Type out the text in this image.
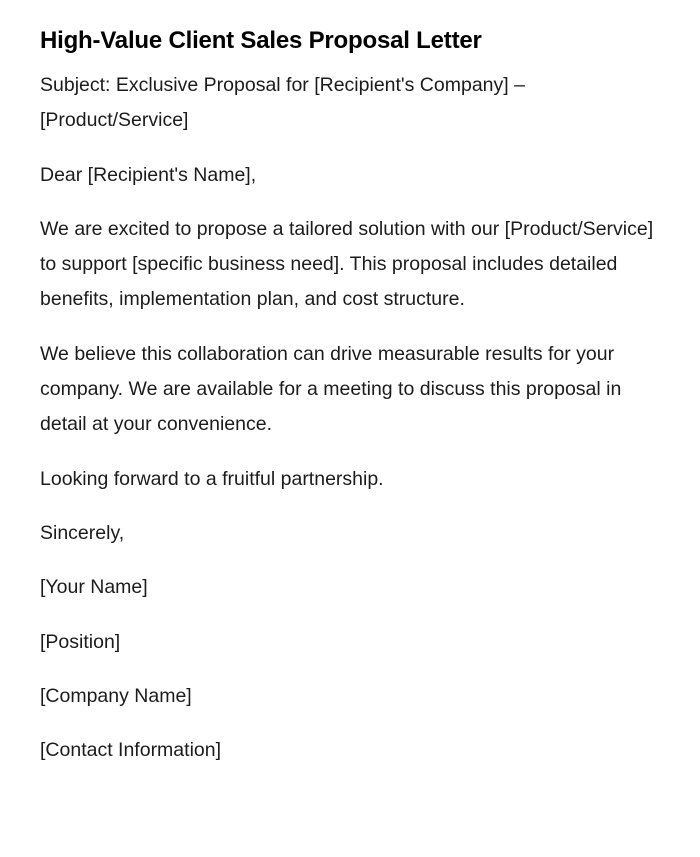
High-Value Client Sales Proposal Letter

Subject: Exclusive Proposal for [Recipient's Company] – [Product/Service]

Dear [Recipient's Name],

We are excited to propose a tailored solution with our [Product/Service] to support [specific business need]. This proposal includes detailed benefits, implementation plan, and cost structure.

We believe this collaboration can drive measurable results for your company. We are available for a meeting to discuss this proposal in detail at your convenience.

Looking forward to a fruitful partnership.

Sincerely,

[Your Name]

[Position]

[Company Name]

[Contact Information]
